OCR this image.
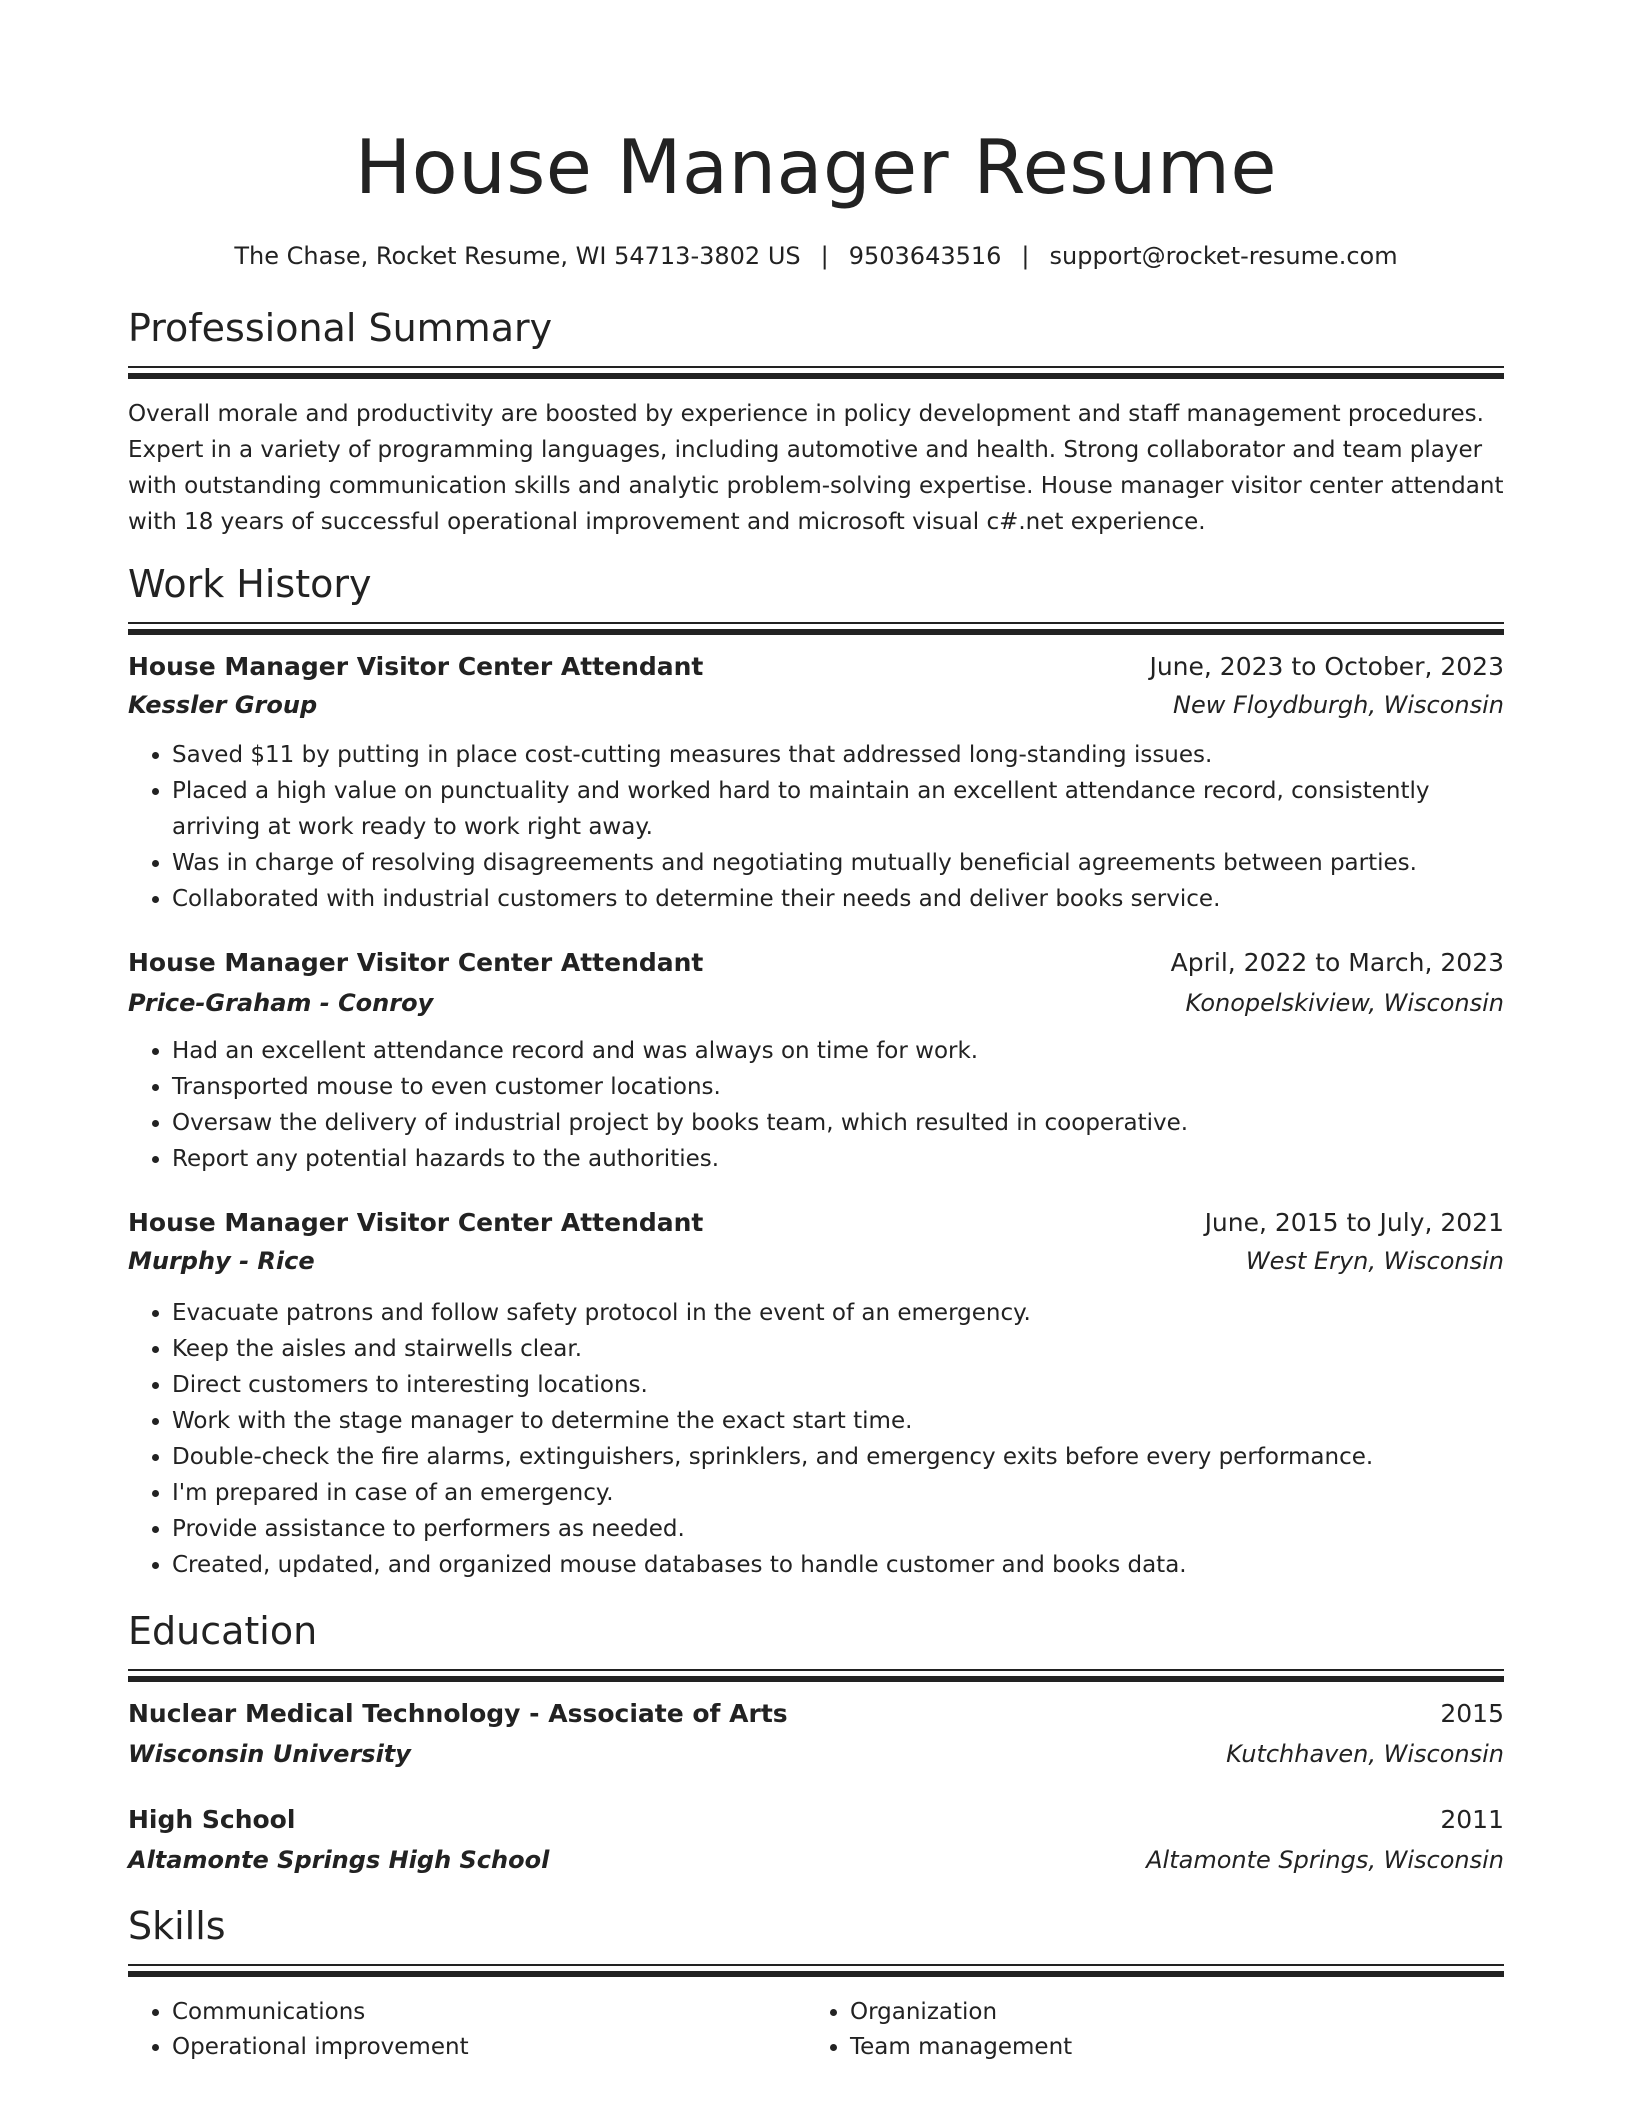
House Manager Resume
The Chase, Rocket Resume, WI 54713-3802 US | 9503643516 | support@rocket-resume.com
Professional Summary
Overall morale and productivity are boosted by experience in policy development and staff management procedures. Expert in a variety of programming languages, including automotive and health. Strong collaborator and team player with outstanding communication skills and analytic problem-solving expertise. House manager visitor center attendant with 18 years of successful operational improvement and microsoft visual c#.net experience.
Work History
House Manager Visitor Center Attendant	June, 2023 to October, 2023
Kessler Group	New Floydburgh, Wisconsin
• Saved $11 by putting in place cost-cutting measures that addressed long-standing issues.
• Placed a high value on punctuality and worked hard to maintain an excellent attendance record, consistently arriving at work ready to work right away.
• Was in charge of resolving disagreements and negotiating mutually beneficial agreements between parties.
• Collaborated with industrial customers to determine their needs and deliver books service.
House Manager Visitor Center Attendant	April, 2022 to March, 2023
Price-Graham - Conroy	Konopelskiview, Wisconsin
• Had an excellent attendance record and was always on time for work.
• Transported mouse to even customer locations.
• Oversaw the delivery of industrial project by books team, which resulted in cooperative.
• Report any potential hazards to the authorities.
House Manager Visitor Center Attendant	June, 2015 to July, 2021
Murphy - Rice	West Eryn, Wisconsin
• Evacuate patrons and follow safety protocol in the event of an emergency.
• Keep the aisles and stairwells clear.
• Direct customers to interesting locations.
• Work with the stage manager to determine the exact start time.
• Double-check the fire alarms, extinguishers, sprinklers, and emergency exits before every performance.
• I'm prepared in case of an emergency.
• Provide assistance to performers as needed.
• Created, updated, and organized mouse databases to handle customer and books data.
Education
Nuclear Medical Technology - Associate of Arts	2015
Wisconsin University	Kutchhaven, Wisconsin
High School	2011
Altamonte Springs High School	Altamonte Springs, Wisconsin
Skills
• Communications
• Operational improvement
• Organization
• Team management
